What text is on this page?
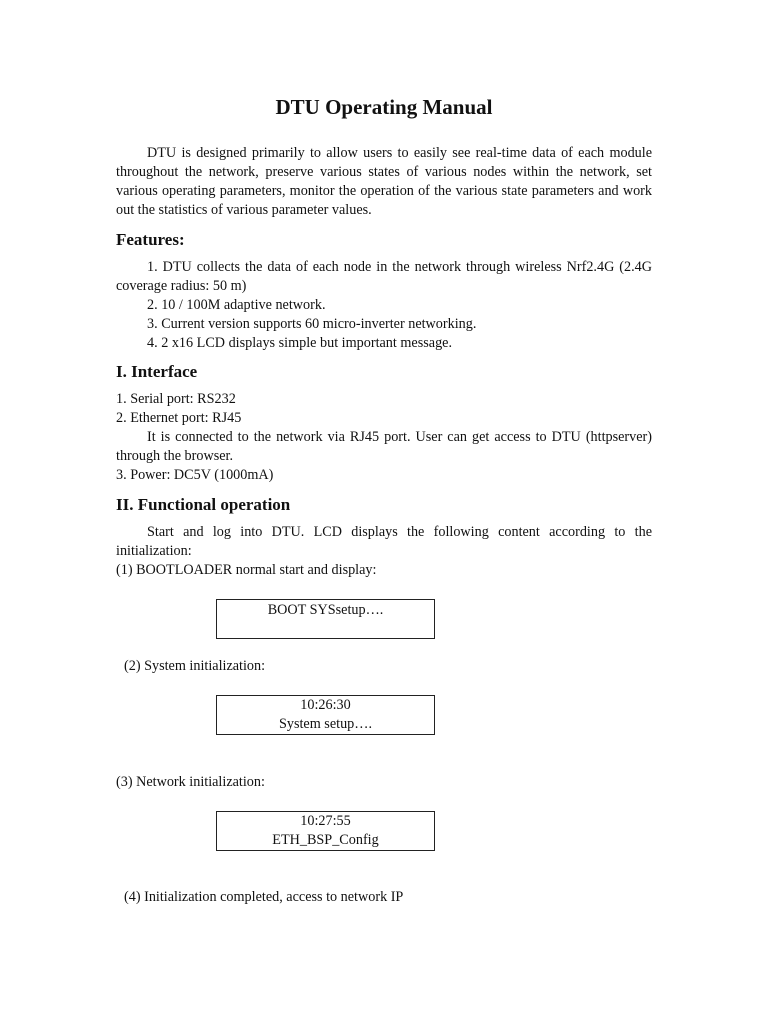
DTU Operating Manual
DTU is designed primarily to allow users to easily see real-time data of each module throughout the network, preserve various states of various nodes within the network, set various operating parameters, monitor the operation of the various state parameters and work out the statistics of various parameter values.
Features:
1. DTU collects the data of each node in the network through wireless Nrf2.4G (2.4G coverage radius: 50 m)
2. 10 / 100M adaptive network.
3. Current version supports 60 micro-inverter networking.
4. 2 x16 LCD displays simple but important message.
I. Interface
1. Serial port: RS232
2. Ethernet port: RJ45
It is connected to the network via RJ45 port. User can get access to DTU (httpserver) through the browser.
3. Power: DC5V (1000mA)
II. Functional operation
Start and log into DTU. LCD displays the following content according to the initialization:
(1) BOOTLOADER normal start and display:
BOOT SYSsetup….
(2) System initialization:
10:26:30
System setup….
(3) Network initialization:
10:27:55
ETH_BSP_Config
(4) Initialization completed, access to network IP
